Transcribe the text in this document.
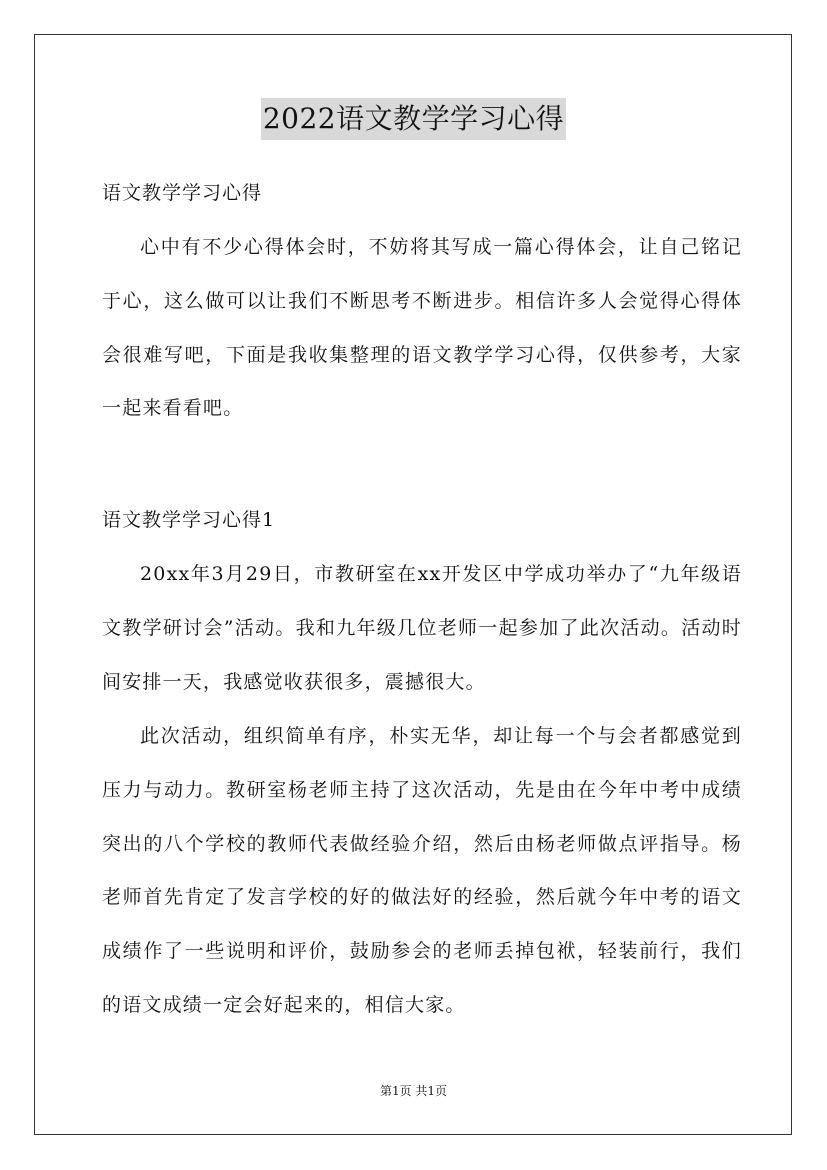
2022语文教学学习心得
语文教学学习心得

心中有不少心得体会时，不妨将其写成一篇心得体会，让自己铭记于心，这么做可以让我们不断思考不断进步。相信许多人会觉得心得体会很难写吧，下面是我收集整理的语文教学学习心得，仅供参考，大家一起来看看吧。

语文教学学习心得1

20xx年3月29日，市教研室在xx开发区中学成功举办了“九年级语文教学研讨会”活动。我和九年级几位老师一起参加了此次活动。活动时间安排一天，我感觉收获很多，震撼很大。

此次活动，组织简单有序，朴实无华，却让每一个与会者都感觉到压力与动力。教研室杨老师主持了这次活动，先是由在今年中考中成绩突出的八个学校的教师代表做经验介绍，然后由杨老师做点评指导。杨老师首先肯定了发言学校的好的做法好的经验，然后就今年中考的语文成绩作了一些说明和评价，鼓励参会的老师丢掉包袱，轻装前行，我们的语文成绩一定会好起来的，相信大家。

第1页 共1页
